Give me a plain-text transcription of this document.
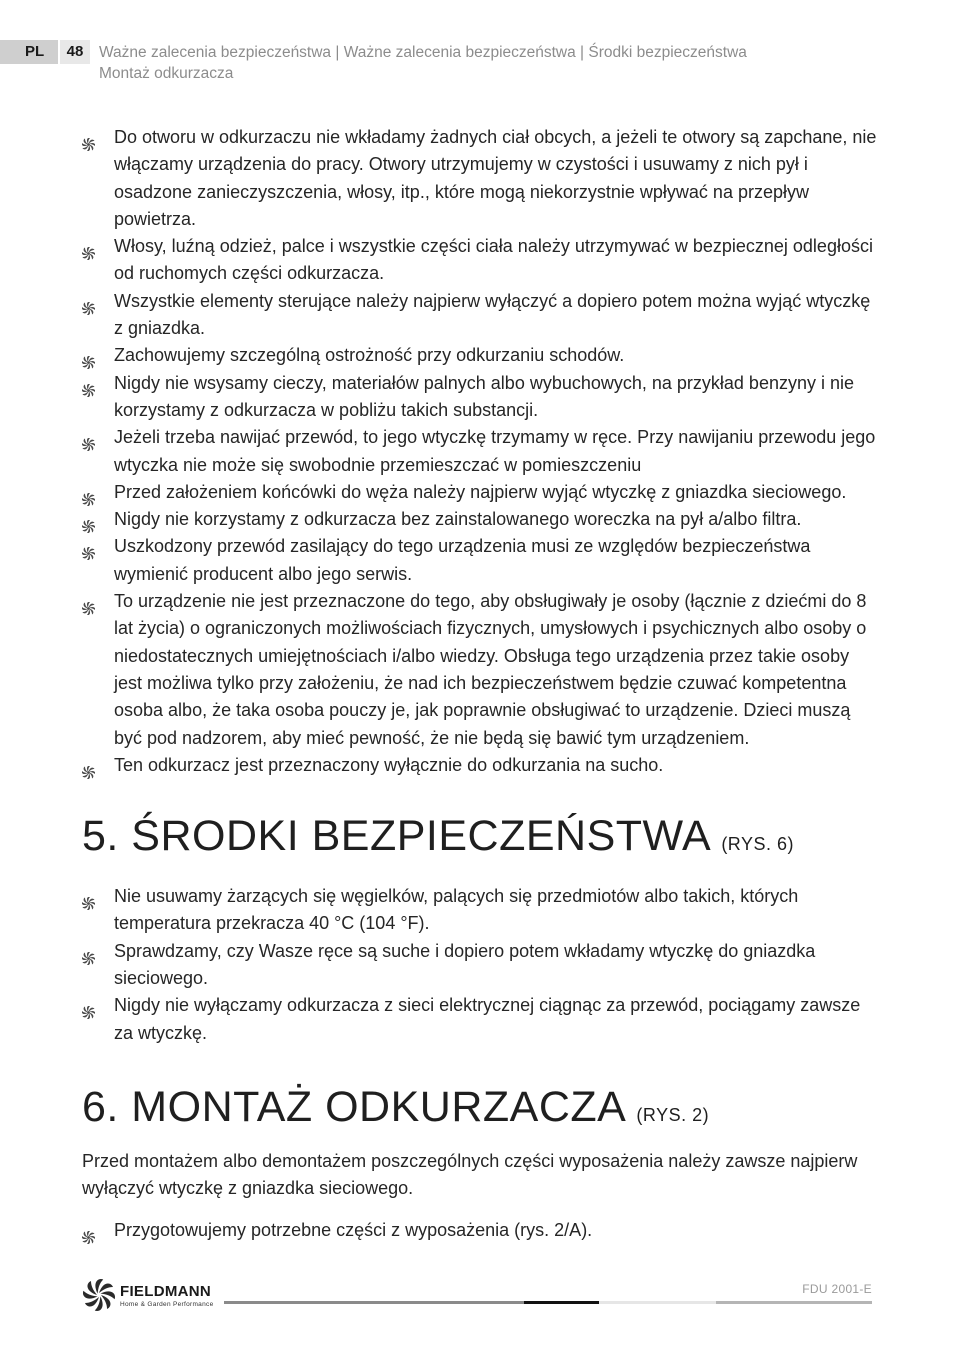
PL	48	Ważne zalecenia bezpieczeństwa | Ważne zalecenia bezpieczeństwa | Środki bezpieczeństwa
Montaż odkurzacza
Do otworu w odkurzaczu nie wkładamy żadnych ciał obcych, a jeżeli te otwory są zapchane, nie włączamy urządzenia do pracy. Otwory utrzymujemy w czystości i usuwamy z nich pył i osadzone zanieczyszczenia, włosy, itp., które mogą niekorzystnie wpływać na przepływ powietrza.
Włosy, luźną odzież, palce i wszystkie części ciała należy utrzymywać w bezpiecznej odległości od ruchomych części odkurzacza.
Wszystkie elementy sterujące należy najpierw wyłączyć a dopiero potem można wyjąć wtyczkę z gniazdka.
Zachowujemy szczególną ostrożność przy odkurzaniu schodów.
Nigdy nie wsysamy cieczy, materiałów palnych albo wybuchowych, na przykład benzyny i nie korzystamy z odkurzacza w pobliżu takich substancji.
Jeżeli trzeba nawijać przewód, to jego wtyczkę trzymamy w ręce. Przy nawijaniu przewodu jego wtyczka nie może się swobodnie przemieszczać w pomieszczeniu
Przed założeniem końcówki do węża należy najpierw wyjąć wtyczkę z gniazdka sieciowego.
Nigdy nie korzystamy z odkurzacza bez zainstalowanego woreczka na pył a/albo filtra.
Uszkodzony przewód zasilający do tego urządzenia musi ze względów bezpieczeństwa wymienić producent albo jego serwis.
To urządzenie nie jest przeznaczone do tego, aby obsługiwały je osoby (łącznie z dziećmi do 8 lat życia) o ograniczonych możliwościach fizycznych, umysłowych i psychicznych albo osoby o niedostatecznych umiejętnościach i/albo wiedzy. Obsługa tego urządzenia przez takie osoby jest możliwa tylko przy założeniu, że nad ich bezpieczeństwem będzie czuwać kompetentna osoba albo, że taka osoba pouczy je, jak poprawnie obsługiwać to urządzenie. Dzieci muszą być pod nadzorem, aby mieć pewność, że nie będą się bawić tym urządzeniem.
Ten odkurzacz jest przeznaczony wyłącznie do odkurzania na sucho.
5. ŚRODKI BEZPIECZEŃSTWA (RYS. 6)
Nie usuwamy żarzących się węgielków, palących się przedmiotów albo takich, których temperatura przekracza 40 °C (104 °F).
Sprawdzamy, czy Wasze ręce są suche i dopiero potem wkładamy wtyczkę do gniazdka sieciowego.
Nigdy nie wyłączamy odkurzacza z sieci elektrycznej ciągnąc za przewód, pociągamy zawsze za wtyczkę.
6. MONTAŻ ODKURZACZA (RYS. 2)

Przed montażem albo demontażem poszczególnych części wyposażenia należy zawsze najpierw wyłączyć wtyczkę z gniazdka sieciowego.

Przygotowujemy potrzebne części z wyposażenia (rys. 2/A).
FIELDMANN
Home & Garden Performance
FDU 2001-E
